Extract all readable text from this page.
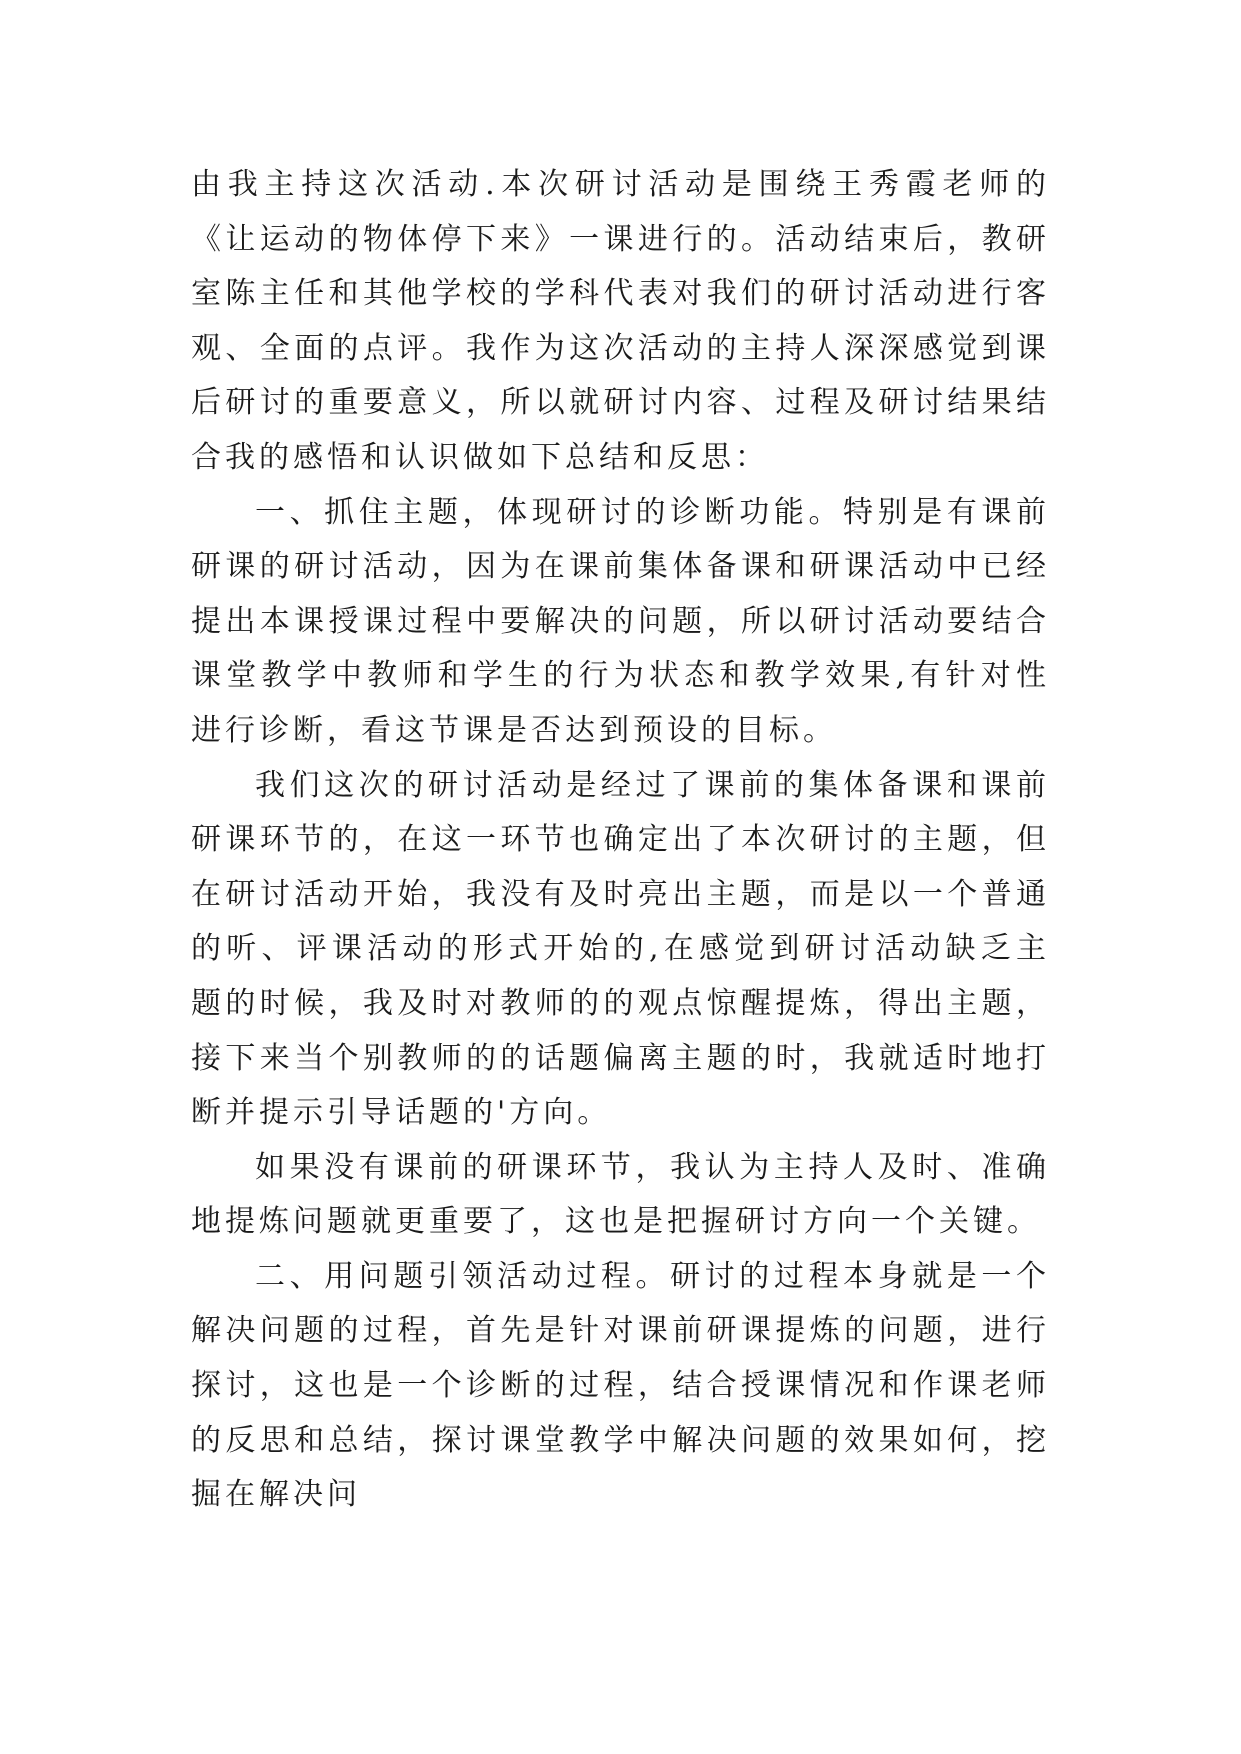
由我主持这次活动.本次研讨活动是围绕王秀霞老师的《让运动的物体停下来》一课进行的。活动结束后，教研室陈主任和其他学校的学科代表对我们的研讨活动进行客观、全面的点评。我作为这次活动的主持人深深感觉到课后研讨的重要意义，所以就研讨内容、过程及研讨结果结合我的感悟和认识做如下总结和反思：

一、抓住主题，体现研讨的诊断功能。特别是有课前研课的研讨活动，因为在课前集体备课和研课活动中已经提出本课授课过程中要解决的问题，所以研讨活动要结合课堂教学中教师和学生的行为状态和教学效果,有针对性进行诊断，看这节课是否达到预设的目标。

我们这次的研讨活动是经过了课前的集体备课和课前研课环节的，在这一环节也确定出了本次研讨的主题，但在研讨活动开始，我没有及时亮出主题，而是以一个普通的听、评课活动的形式开始的,在感觉到研讨活动缺乏主题的时候，我及时对教师的的观点惊醒提炼，得出主题，接下来当个别教师的的话题偏离主题的时，我就适时地打断并提示引导话题的'方向。

如果没有课前的研课环节，我认为主持人及时、准确地提炼问题就更重要了，这也是把握研讨方向一个关键。

二、用问题引领活动过程。研讨的过程本身就是一个解决问题的过程，首先是针对课前研课提炼的问题，进行探讨，这也是一个诊断的过程，结合授课情况和作课老师的反思和总结，探讨课堂教学中解决问题的效果如何，挖掘在解决问
